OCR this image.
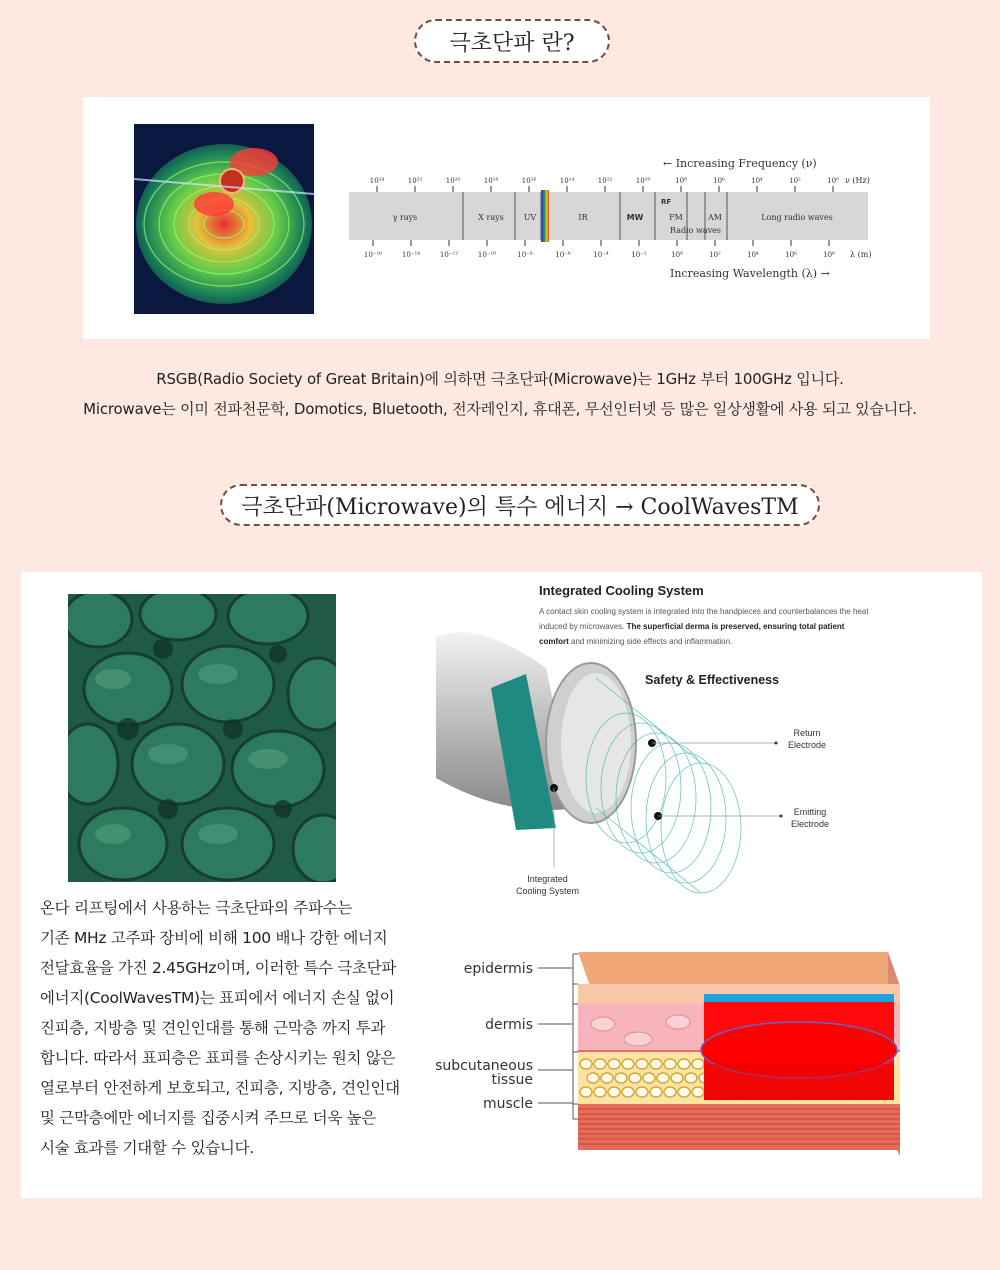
극초단파 란?
← Increasing Frequency (ν)
10²⁴	10²²	10²⁰	10¹⁸	10¹⁶	10¹⁴	10¹²	10¹⁰	10⁸	10⁶	10⁴	10²	10⁰ ν (Hz)
γ rays	X rays	UV	IR	MW	FM	AM	Long radio waves
RF
Radio waves
10⁻¹⁶	10⁻¹⁴	10⁻¹²	10⁻¹⁰	10⁻⁸	10⁻⁶	10⁻⁴	10⁻²	10⁰	10²	10⁴	10⁶	10⁸ λ (m)
Increasing Wavelength (λ) →
RSGB(Radio Society of Great Britain)에 의하면 극초단파(Microwave)는 1GHz 부터 100GHz 입니다.
Microwave는 이미 전파천문학, Domotics, Bluetooth, 전자레인지, 휴대폰, 무선인터넷 등 많은 일상생활에 사용 되고 있습니다.
극초단파(Microwave)의 특수 에너지 → CoolWavesTM
Integrated Cooling System
A contact skin cooling system is integrated into the handpieces and counterbalances the heat
induced by microwaves. The superficial derma is preserved, ensuring total patient
comfort and minimizing side effects and inflammation.
Safety & Effectiveness
Return
Electrode
Emitting
Electrode
Integrated
Cooling System
온다 리프팅에서 사용하는 극초단파의 주파수는
기존 MHz 고주파 장비에 비해 100 배나 강한 에너지
전달효율을 가진 2.45GHz이며, 이러한 특수 극초단파
에너지(CoolWavesTM)는 표피에서 에너지 손실 없이
진피층, 지방층 및 견인인대를 통해 근막층 까지 투과
합니다. 따라서 표피층은 표피를 손상시키는 원치 않은
열로부터 안전하게 보호되고, 진피층, 지방층, 견인인대
및 근막층에만 에너지를 집중시켜 주므로 더욱 높은
시술 효과를 기대할 수 있습니다.
epidermis
dermis
subcutaneous
tissue
muscle
